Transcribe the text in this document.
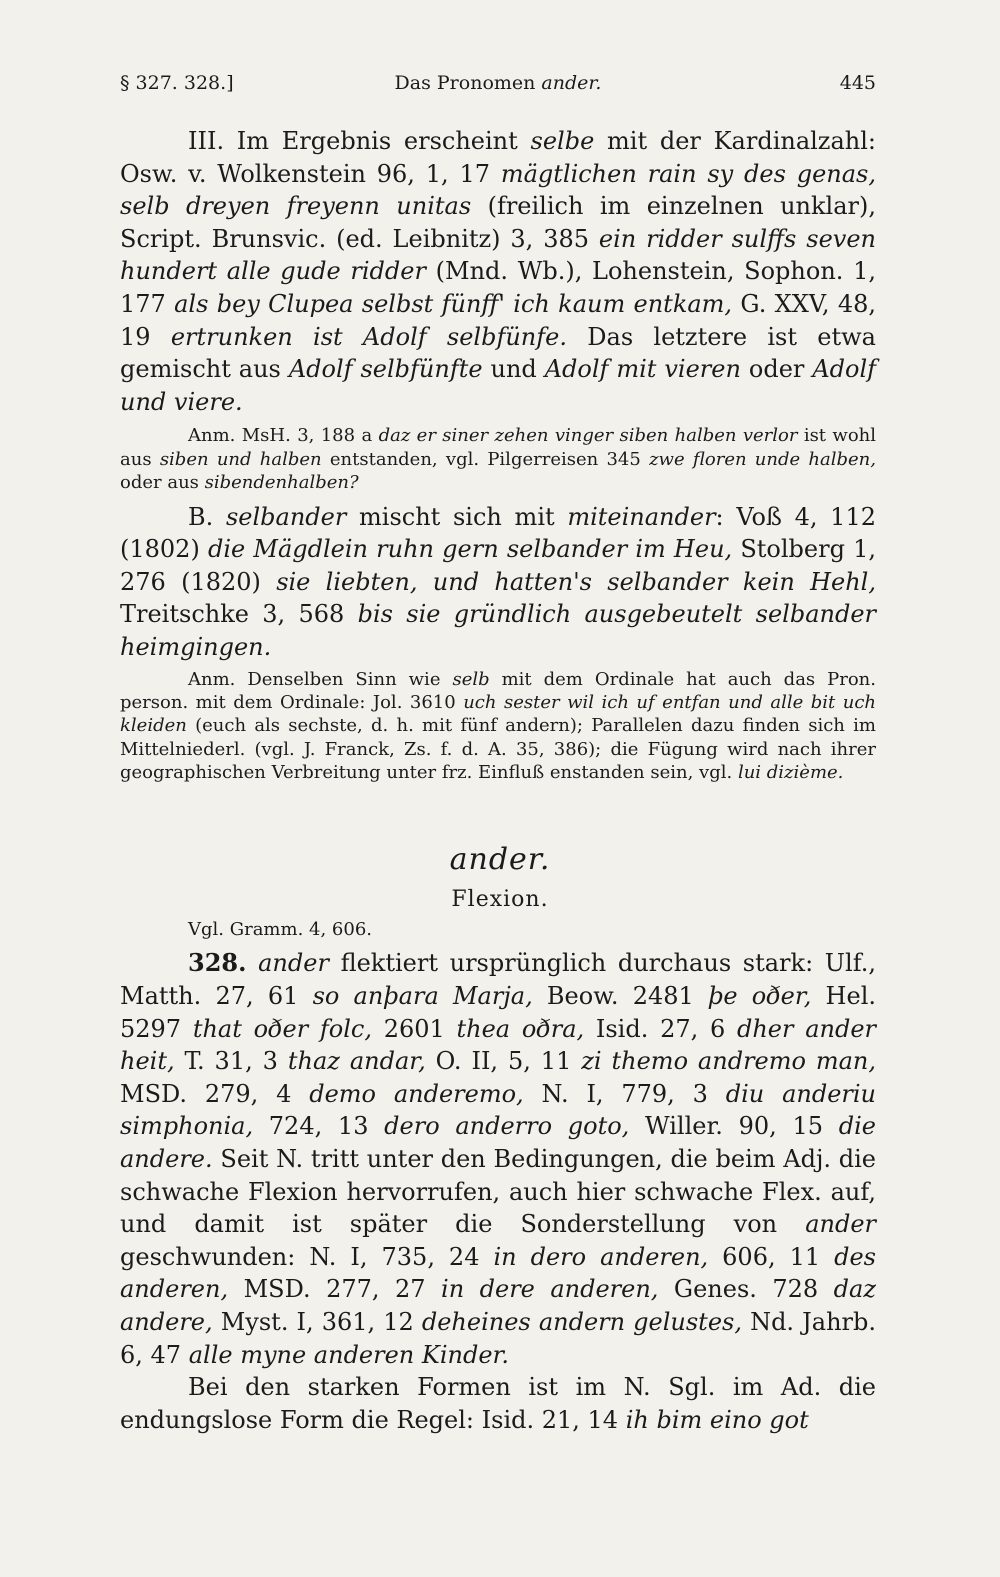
§ 327. 328.]	Das Pronomen ander.	445

III. Im Ergebnis erscheint selbe mit der Kardinalzahl: Osw. v. Wolkenstein 96, 1, 17 mägtlichen rain sy des genas, selb dreyen freyenn unitas (freilich im einzelnen unklar), Script. Brunsvic. (ed. Leibnitz) 3, 385 ein ridder sulffs seven hundert alle gude ridder (Mnd. Wb.), Lohenstein, Sophon. 1, 177 als bey Clupea selbst fünff' ich kaum entkam, G. XXV, 48, 19 ertrunken ist Adolf selbfünfe. Das letztere ist etwa gemischt aus Adolf selbfünfte und Adolf mit vieren oder Adolf und viere.

Anm. MsH. 3, 188 a daz er siner zehen vinger siben halben verlor ist wohl aus siben und halben entstanden, vgl. Pilgerreisen 345 zwe floren unde halben, oder aus sibendenhalben?

B. selbander mischt sich mit miteinander: Voß 4, 112 (1802) die Mägdlein ruhn gern selbander im Heu, Stolberg 1, 276 (1820) sie liebten, und hatten's selbander kein Hehl, Treitschke 3, 568 bis sie gründlich ausgebeutelt selbander heimgingen.

Anm. Denselben Sinn wie selb mit dem Ordinale hat auch das Pron. person. mit dem Ordinale: Jol. 3610 uch sester wil ich uf entfan und alle bit uch kleiden (euch als sechste, d. h. mit fünf andern); Parallelen dazu finden sich im Mittelniederl. (vgl. J. Franck, Zs. f. d. A. 35, 386); die Fügung wird nach ihrer geographischen Verbreitung unter frz. Einfluß enstanden sein, vgl. lui dizième.

ander.
Flexion.

Vgl. Gramm. 4, 606.

328. ander flektiert ursprünglich durchaus stark: Ulf., Matth. 27, 61 so anþara Marja, Beow. 2481 þe oðer, Hel. 5297 that oðer folc, 2601 thea oðra, Isid. 27, 6 dher ander heit, T. 31, 3 thaz andar, O. II, 5, 11 zi themo andremo man, MSD. 279, 4 demo anderemo, N. I, 779, 3 diu anderiu simphonia, 724, 13 dero anderro goto, Willer. 90, 15 die andere. Seit N. tritt unter den Bedingungen, die beim Adj. die schwache Flexion hervorrufen, auch hier schwache Flex. auf, und damit ist später die Sonderstellung von ander geschwunden: N. I, 735, 24 in dero anderen, 606, 11 des anderen, MSD. 277, 27 in dere anderen, Genes. 728 daz andere, Myst. I, 361, 12 deheines andern gelustes, Nd. Jahrb. 6, 47 alle myne anderen Kinder.

Bei den starken Formen ist im N. Sgl. im Ad. die endungslose Form die Regel: Isid. 21, 14 ih bim eino got
